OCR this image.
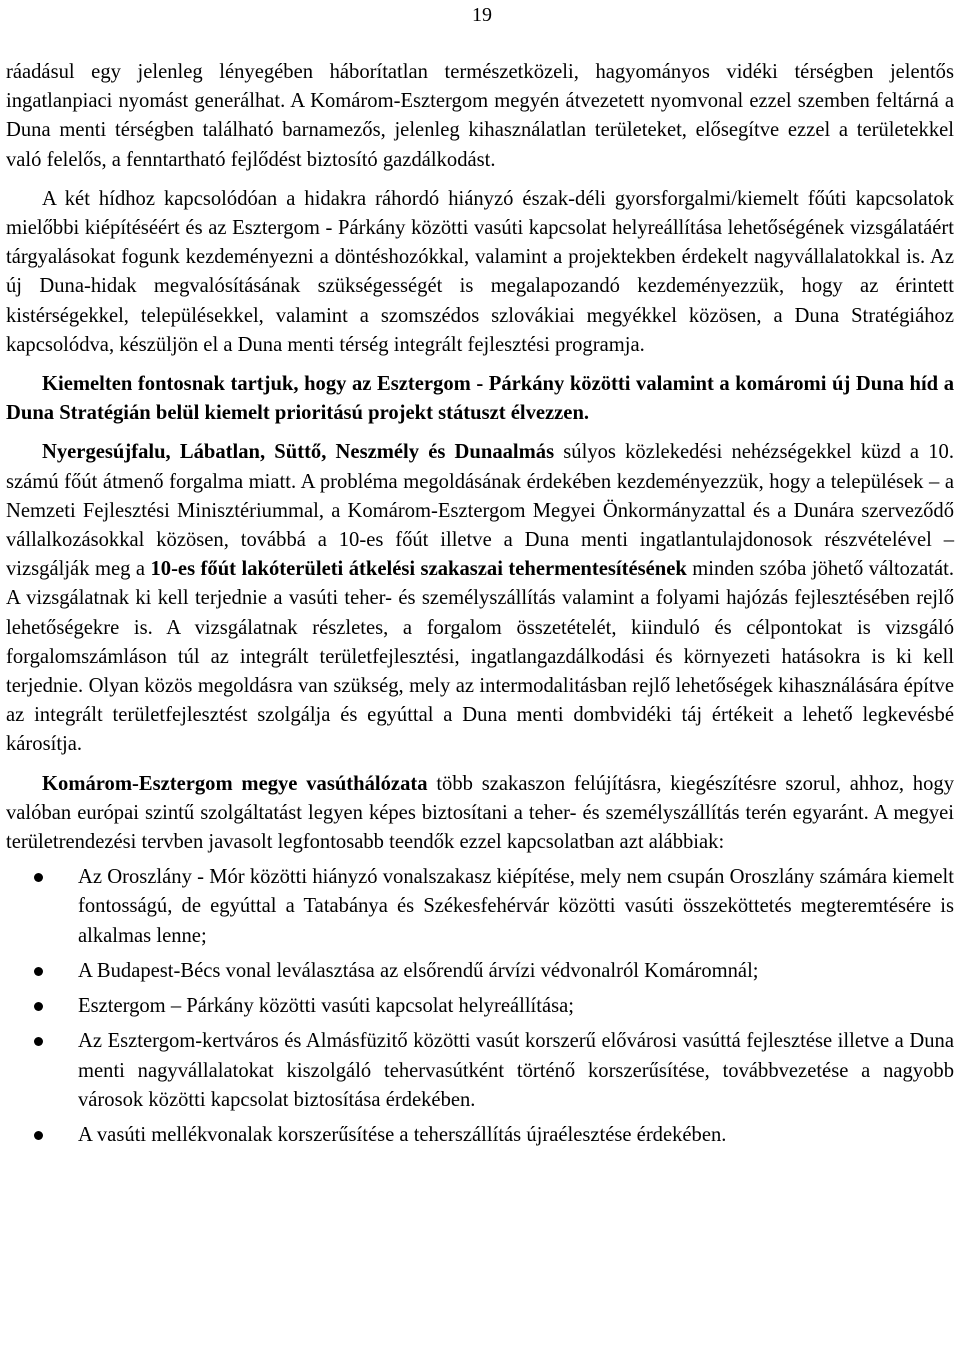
19

ráadásul egy jelenleg lényegében háborítatlan természetközeli, hagyományos vidéki térségben jelentős ingatlanpiaci nyomást generálhat. A Komárom-Esztergom megyén átvezetett nyomvonal ezzel szemben feltárná a Duna menti térségben található barnamezős, jelenleg kihasználatlan területeket, elősegítve ezzel a területekkel való felelős, a fenntartható fejlődést biztosító gazdálkodást.

A két hídhoz kapcsolódóan a hidakra ráhordó hiányzó észak-déli gyorsforgalmi/kiemelt főúti kapcsolatok mielőbbi kiépítéséért és az Esztergom - Párkány közötti vasúti kapcsolat helyreállítása lehetőségének vizsgálatáért tárgyalásokat fogunk kezdeményezni a döntéshozókkal, valamint a projektekben érdekelt nagyvállalatokkal is. Az új Duna-hidak megvalósításának szükségességét is megalapozandó kezdeményezzük, hogy az érintett kistérségekkel, településekkel, valamint a szomszédos szlovákiai megyékkel közösen, a Duna Stratégiához kapcsolódva, készüljön el a Duna menti térség integrált fejlesztési programja.

Kiemelten fontosnak tartjuk, hogy az Esztergom - Párkány közötti valamint a komáromi új Duna híd a Duna Stratégián belül kiemelt prioritású projekt státuszt élvezzen.

Nyergesújfalu, Lábatlan, Süttő, Neszmély és Dunaalmás súlyos közlekedési nehézségekkel küzd a 10. számú főút átmenő forgalma miatt. A probléma megoldásának érdekében kezdeményezzük, hogy a települések – a Nemzeti Fejlesztési Minisztériummal, a Komárom-Esztergom Megyei Önkormányzattal és a Dunára szerveződő vállalkozásokkal közösen, továbbá a 10-es főút illetve a Duna menti ingatlantulajdonosok részvételével – vizsgálják meg a 10-es főút lakóterületi átkelési szakaszai tehermentesítésének minden szóba jöhető változatát. A vizsgálatnak ki kell terjednie a vasúti teher- és személyszállítás valamint a folyami hajózás fejlesztésében rejlő lehetőségekre is. A vizsgálatnak részletes, a forgalom összetételét, kiinduló és célpontokat is vizsgáló forgalomszámláson túl az integrált területfejlesztési, ingatlangazdálkodási és környezeti hatásokra is ki kell terjednie. Olyan közös megoldásra van szükség, mely az intermodalitásban rejlő lehetőségek kihasználására építve az integrált területfejlesztést szolgálja és egyúttal a Duna menti dombvidéki táj értékeit a lehető legkevésbé károsítja.

Komárom-Esztergom megye vasúthálózata több szakaszon felújításra, kiegészítésre szorul, ahhoz, hogy valóban európai szintű szolgáltatást legyen képes biztosítani a teher- és személyszállítás terén egyaránt. A megyei területrendezési tervben javasolt legfontosabb teendők ezzel kapcsolatban azt alábbiak:

Az Oroszlány - Mór közötti hiányzó vonalszakasz kiépítése, mely nem csupán Oroszlány számára kiemelt fontosságú, de egyúttal a Tatabánya és Székesfehérvár közötti vasúti összeköttetés megteremtésére is alkalmas lenne;
A Budapest-Bécs vonal leválasztása az elsőrendű árvízi védvonalról Komáromnál;
Esztergom – Párkány közötti vasúti kapcsolat helyreállítása;
Az Esztergom-kertváros és Almásfüzitő közötti vasút korszerű elővárosi vasúttá fejlesztése illetve a Duna menti nagyvállalatokat kiszolgáló tehervasútként történő korszerűsítése, továbbvezetése a nagyobb városok közötti kapcsolat biztosítása érdekében.
A vasúti mellékvonalak korszerűsítése a teherszállítás újraélesztése érdekében.
